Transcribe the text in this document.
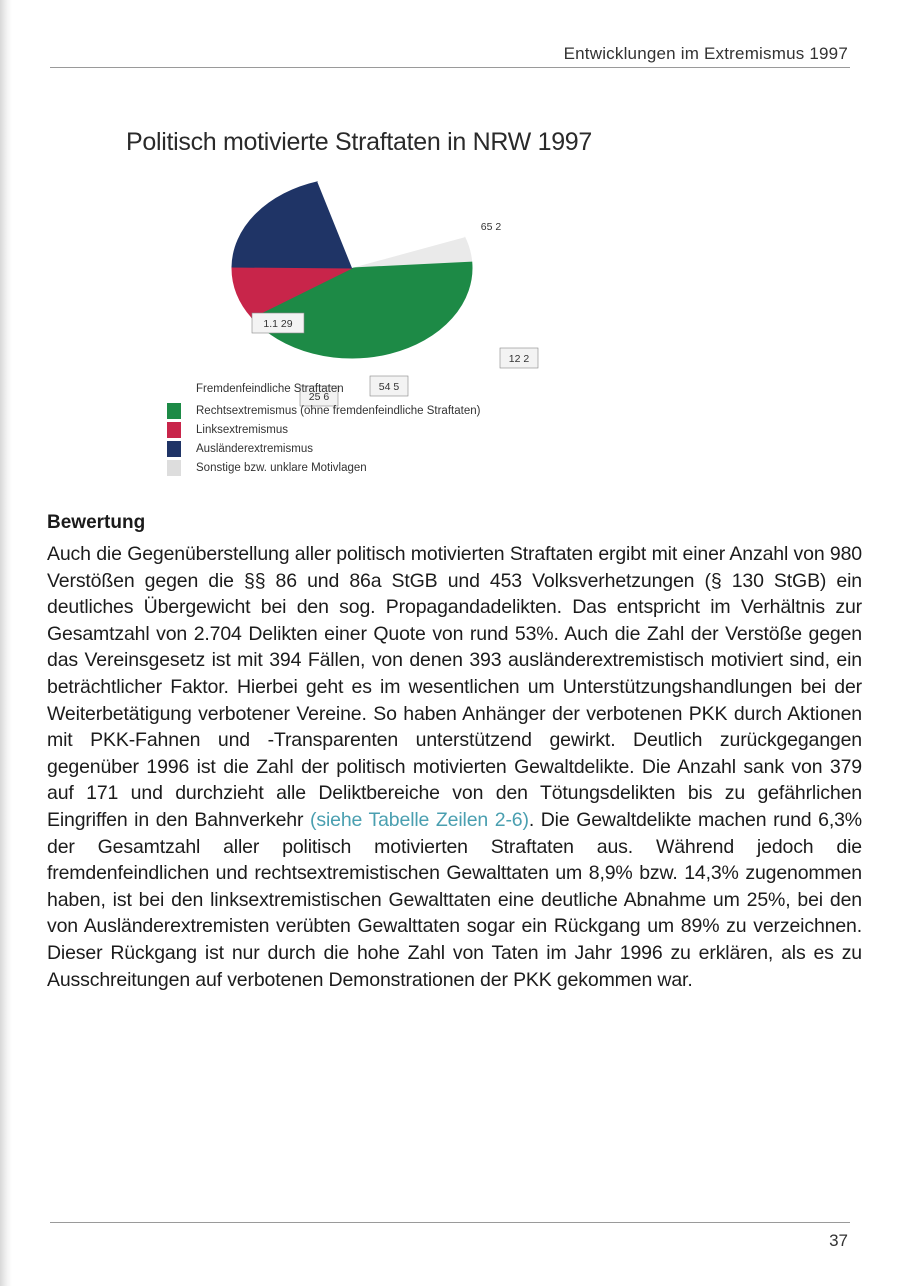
Entwicklungen im Extremismus 1997
Politisch motivierte Straftaten in NRW 1997
12 2
1.1 29
25 6
54 5
65 2
Fremdenfeindliche Straftaten
Rechtsextremismus (ohne fremdenfeindliche Straftaten)
Linksextremismus
Ausländerextremismus
Sonstige bzw. unklare Motivlagen
Bewertung
Auch die Gegenüberstellung aller politisch motivierten Straftaten ergibt mit einer Anzahl von 980 Verstößen gegen die §§ 86 und 86a StGB und 453 Volksverhetzungen (§ 130 StGB) ein deutliches Übergewicht bei den sog. Propagandadelikten. Das entspricht im Verhältnis zur Gesamtzahl von 2.704 Delikten einer Quote von rund 53%. Auch die Zahl der Verstöße gegen das Vereinsgesetz ist mit 394 Fällen, von denen 393 ausländerextremistisch motiviert sind, ein beträchtlicher Faktor. Hierbei geht es im wesentlichen um Unterstützungshandlungen bei der Weiterbetätigung verbotener Vereine. So haben Anhänger der verbotenen PKK durch Aktionen mit PKK-Fahnen und -Transparenten unterstützend gewirkt. Deutlich zurückgegangen gegenüber 1996 ist die Zahl der politisch motivierten Gewaltdelikte. Die Anzahl sank von 379 auf 171 und durchzieht alle Deliktbereiche von den Tötungsdelikten bis zu gefährlichen Eingriffen in den Bahnverkehr (siehe Tabelle Zeilen 2-6). Die Gewaltdelikte machen rund 6,3% der Gesamtzahl aller politisch motivierten Straftaten aus. Während jedoch die fremdenfeindlichen und rechtsextremistischen Gewalttaten um 8,9% bzw. 14,3% zugenommen haben, ist bei den linksextremistischen Gewalttaten eine deutliche Abnahme um 25%, bei den von Ausländerextremisten verübten Gewalttaten sogar ein Rückgang um 89% zu verzeichnen. Dieser Rückgang ist nur durch die hohe Zahl von Taten im Jahr 1996 zu erklären, als es zu Ausschreitungen auf verbotenen Demonstrationen der PKK gekommen war.
37
